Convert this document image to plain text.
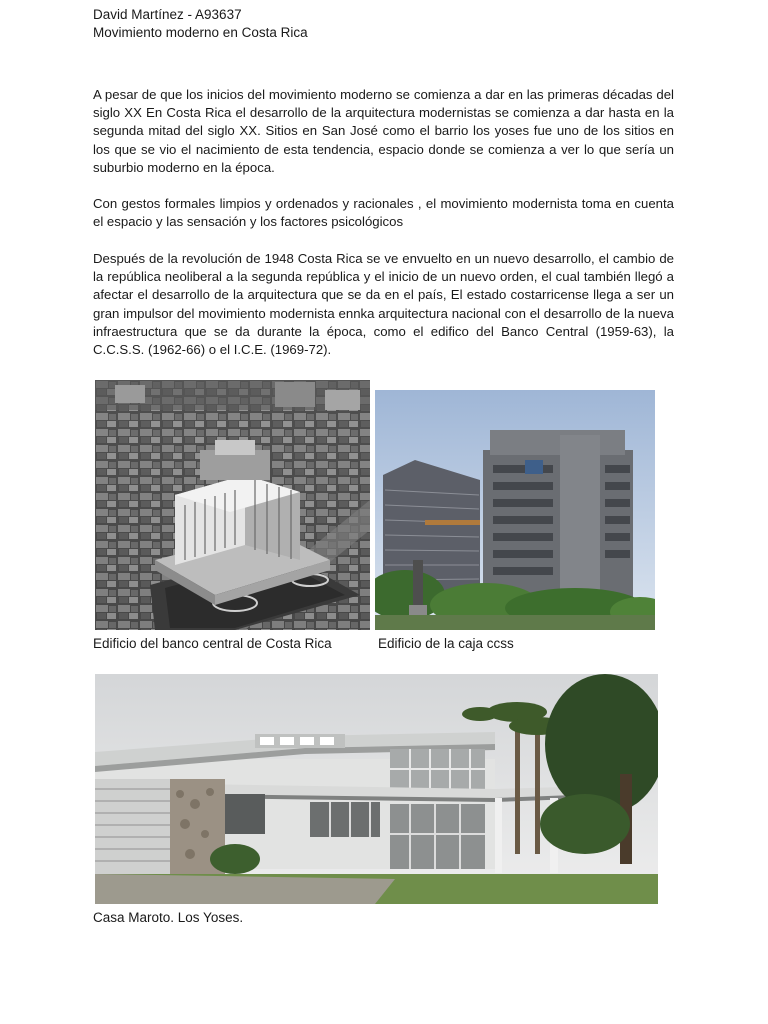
David Martínez - A93637

Movimiento moderno en Costa Rica

A pesar de que los inicios del movimiento moderno se comienza a dar en las primeras décadas del siglo XX En Costa Rica el desarrollo de la arquitectura modernistas se comienza a dar hasta en la segunda mitad del siglo XX. Sitios en San José como el barrio los yoses fue uno de los sitios en los que se vio el nacimiento de esta tendencia, espacio donde se comienza a ver lo que sería un suburbio moderno en la época.

Con gestos formales limpios y ordenados y racionales , el movimiento modernista toma en cuenta el espacio y las sensación y los factores psicológicos

Después de la revolución de 1948 Costa Rica se ve envuelto en un nuevo desarrollo, el cambio de la república neoliberal a la segunda república y el inicio de un nuevo orden, el cual también llegó a afectar el desarrollo de la arquitectura que se da en el país, El estado costarricense llega a ser un gran impulsor del movimiento modernista ennka arquitectura nacional con el desarrollo de la nueva infraestructura que se da durante la época, como el edifico del Banco Central (1959-63), la C.C.S.S. (1962-66) o el I.C.E. (1969-72).

Edificio del banco central de Costa Rica	Edificio de la caja ccss

Casa Maroto. Los Yoses.
